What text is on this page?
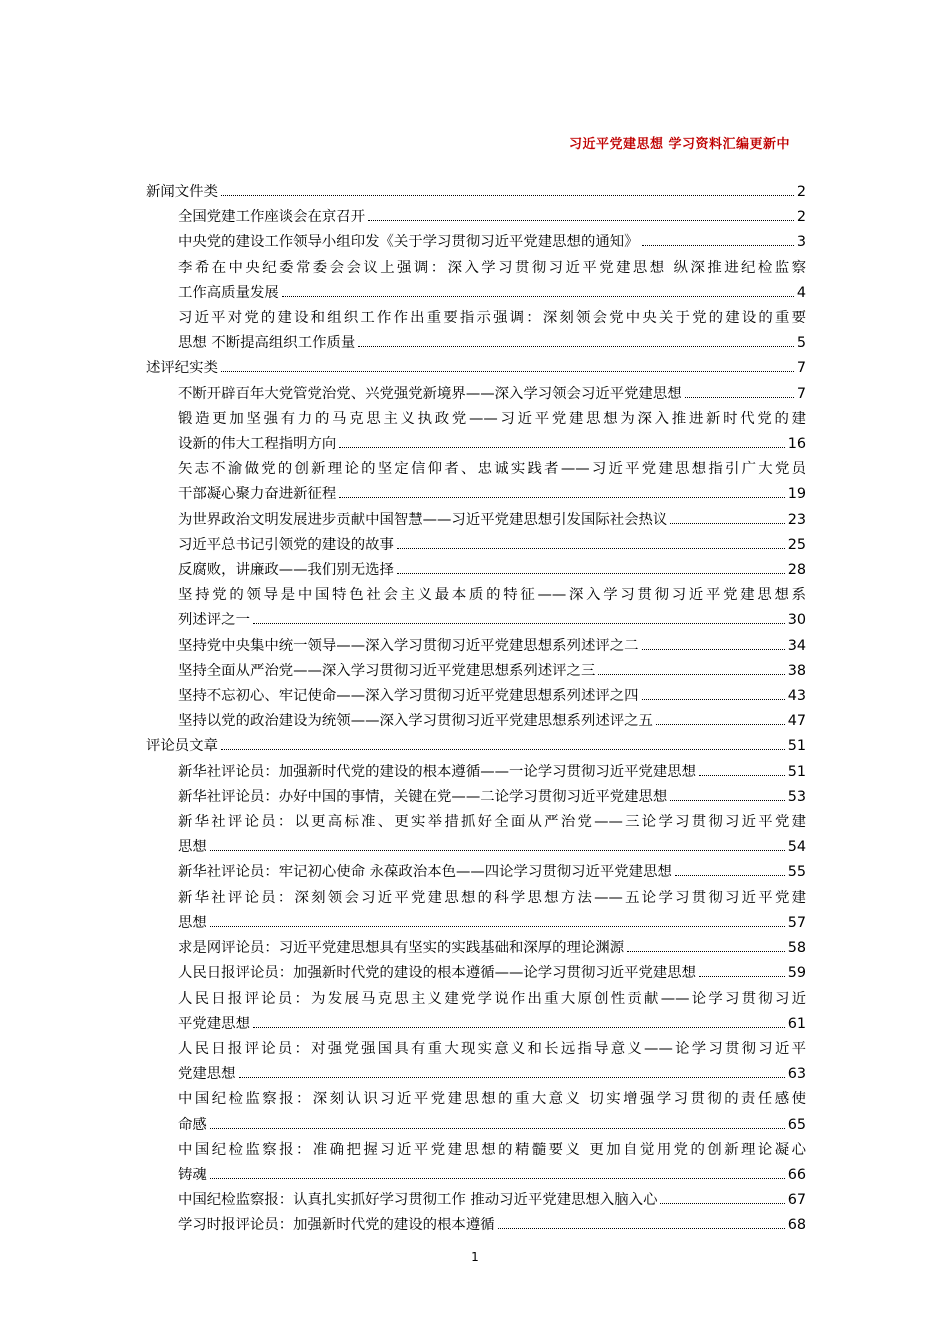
习近平党建思想 学习资料汇编更新中
新闻文件类	2
全国党建工作座谈会在京召开	2
中央党的建设工作领导小组印发《关于学习贯彻习近平党建思想的通知》	3
李希在中央纪委常委会会议上强调：深入学习贯彻习近平党建思想 纵深推进纪检监察
工作高质量发展	4
习近平对党的建设和组织工作作出重要指示强调：深刻领会党中央关于党的建设的重要
思想 不断提高组织工作质量	5
述评纪实类	7
不断开辟百年大党管党治党、兴党强党新境界——深入学习领会习近平党建思想	7
锻造更加坚强有力的马克思主义执政党——习近平党建思想为深入推进新时代党的建
设新的伟大工程指明方向	16
矢志不渝做党的创新理论的坚定信仰者、忠诚实践者——习近平党建思想指引广大党员
干部凝心聚力奋进新征程	19
为世界政治文明发展进步贡献中国智慧——习近平党建思想引发国际社会热议	23
习近平总书记引领党的建设的故事	25
反腐败，讲廉政——我们别无选择	28
坚持党的领导是中国特色社会主义最本质的特征——深入学习贯彻习近平党建思想系
列述评之一	30
坚持党中央集中统一领导——深入学习贯彻习近平党建思想系列述评之二	34
坚持全面从严治党——深入学习贯彻习近平党建思想系列述评之三	38
坚持不忘初心、牢记使命——深入学习贯彻习近平党建思想系列述评之四	43
坚持以党的政治建设为统领——深入学习贯彻习近平党建思想系列述评之五	47
评论员文章	51
新华社评论员：加强新时代党的建设的根本遵循——一论学习贯彻习近平党建思想	51
新华社评论员：办好中国的事情，关键在党——二论学习贯彻习近平党建思想	53
新华社评论员：以更高标准、更实举措抓好全面从严治党——三论学习贯彻习近平党建
思想	54
新华社评论员：牢记初心使命 永葆政治本色——四论学习贯彻习近平党建思想	55
新华社评论员：深刻领会习近平党建思想的科学思想方法——五论学习贯彻习近平党建
思想	57
求是网评论员：习近平党建思想具有坚实的实践基础和深厚的理论渊源	58
人民日报评论员：加强新时代党的建设的根本遵循——论学习贯彻习近平党建思想	59
人民日报评论员：为发展马克思主义建党学说作出重大原创性贡献——论学习贯彻习近
平党建思想	61
人民日报评论员：对强党强国具有重大现实意义和长远指导意义——论学习贯彻习近平
党建思想	63
中国纪检监察报：深刻认识习近平党建思想的重大意义 切实增强学习贯彻的责任感使
命感	65
中国纪检监察报：准确把握习近平党建思想的精髓要义 更加自觉用党的创新理论凝心
铸魂	66
中国纪检监察报：认真扎实抓好学习贯彻工作 推动习近平党建思想入脑入心	67
学习时报评论员：加强新时代党的建设的根本遵循	68
1
